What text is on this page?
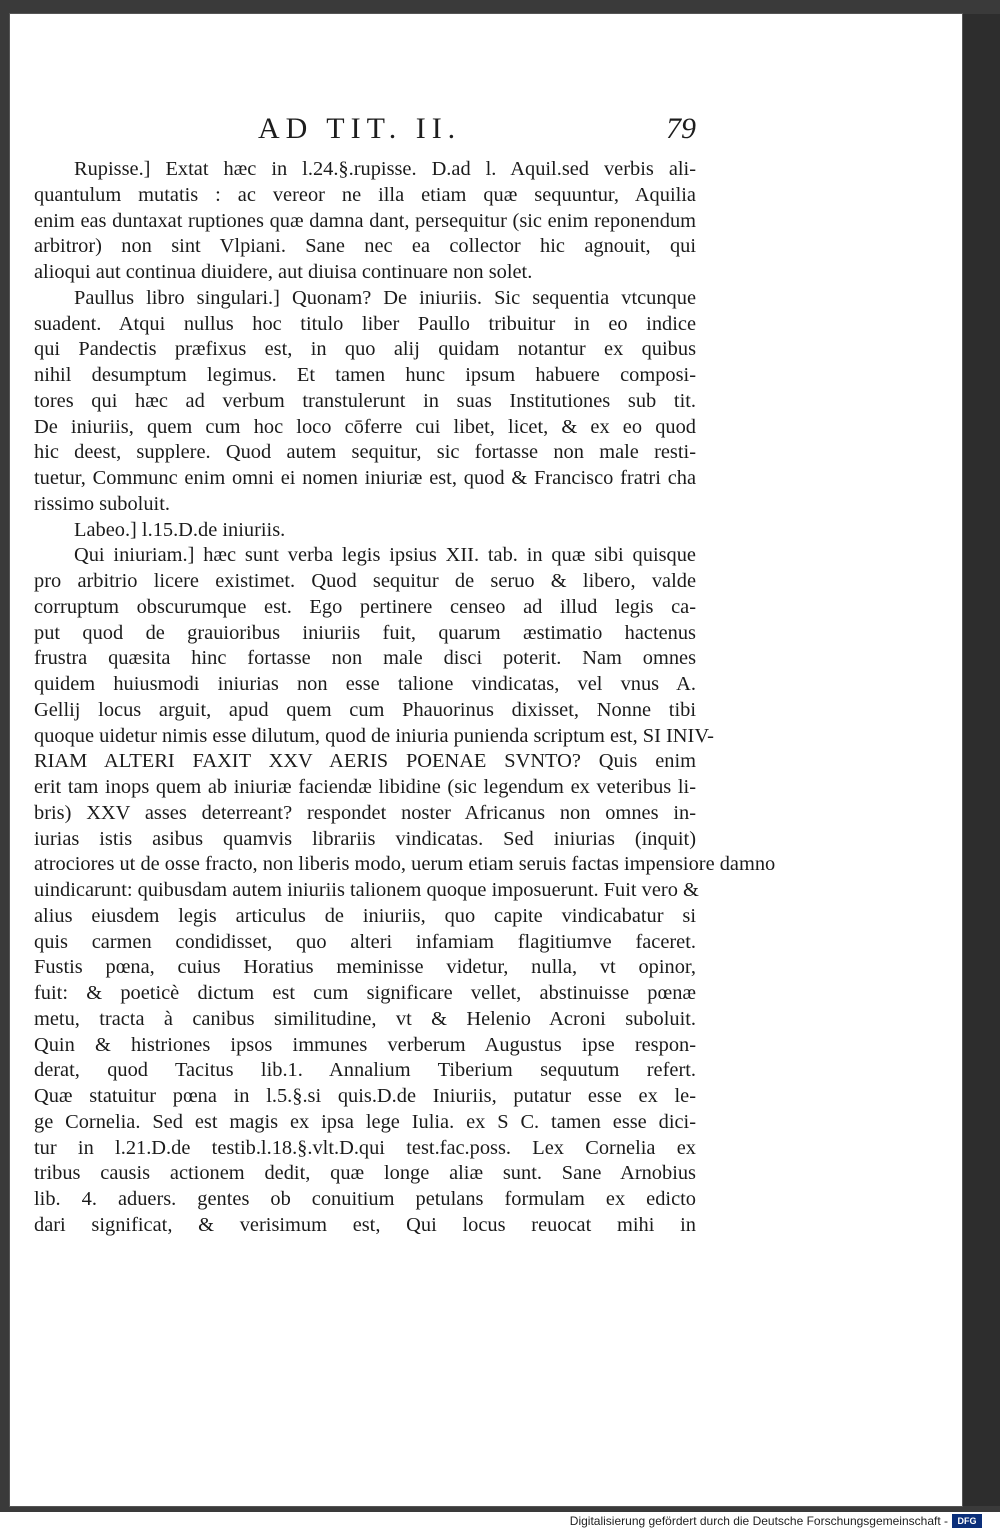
AD TIT. II.	79
Rupisse.] Extat hæc in l.24.§.rupisse. D.ad l. Aquil.sed verbis ali-
quantulum mutatis : ac vereor ne illa etiam quæ sequuntur, Aquilia
enim eas duntaxat ruptiones quæ damna dant, persequitur (sic enim reponendum
arbitror) non sint Vlpiani. Sane nec ea collector hic agnouit, qui
alioqui aut continua diuidere, aut diuisa continuare non solet.
Paullus libro singulari.] Quonam? De iniuriis. Sic sequentia vtcunque
suadent. Atqui nullus hoc titulo liber Paullo tribuitur in eo indice
qui Pandectis præfixus est, in quo alij quidam notantur ex quibus
nihil desumptum legimus. Et tamen hunc ipsum habuere composi-
tores qui hæc ad verbum transtulerunt in suas Institutiones sub tit.
De iniuriis, quem cum hoc loco cōferre cui libet, licet, & ex eo quod
hic deest, supplere. Quod autem sequitur, sic fortasse non male resti-
tuetur, Communc enim omni ei nomen iniuriæ est, quod & Francisco fratri cha
rissimo suboluit.
Labeo.] l.15.D.de iniuriis.
Qui iniuriam.] hæc sunt verba legis ipsius XII. tab. in quæ sibi quisque
pro arbitrio licere existimet. Quod sequitur de seruo & libero, valde
corruptum obscurumque est. Ego pertinere censeo ad illud legis ca-
put quod de grauioribus iniuriis fuit, quarum æstimatio hactenus
frustra quæsita hinc fortasse non male disci poterit. Nam omnes
quidem huiusmodi iniurias non esse talione vindicatas, vel vnus A.
Gellij locus arguit, apud quem cum Phauorinus dixisset, Nonne tibi
quoque uidetur nimis esse dilutum, quod de iniuria punienda scriptum est, SI INIV-
RIAM ALTERI FAXIT XXV AERIS POENAE SVNTO? Quis enim
erit tam inops quem ab iniuriæ faciendæ libidine (sic legendum ex veteribus li-
bris) XXV asses deterreant? respondet noster Africanus non omnes in-
iurias istis asibus quamvis librariis vindicatas. Sed iniurias (inquit)
atrociores ut de osse fracto, non liberis modo, uerum etiam seruis factas impensiore damno
uindicarunt: quibusdam autem iniuriis talionem quoque imposuerunt. Fuit vero &
alius eiusdem legis articulus de iniuriis, quo capite vindicabatur si
quis carmen condidisset, quo alteri infamiam flagitiumve faceret.
Fustis pœna, cuius Horatius meminisse videtur, nulla, vt opinor,
fuit: & poeticè dictum est cum significare vellet, abstinuisse pœnæ
metu, tracta à canibus similitudine, vt & Helenio Acroni suboluit.
Quin & histriones ipsos immunes verberum Augustus ipse respon-
derat, quod Tacitus lib.1. Annalium Tiberium sequutum refert.
Quæ statuitur pœna in l.5.§.si quis.D.de Iniuriis, putatur esse ex le-
ge Cornelia. Sed est magis ex ipsa lege Iulia. ex S C. tamen esse dici-
tur in l.21.D.de testib.l.18.§.vlt.D.qui test.fac.poss. Lex Cornelia ex
tribus causis actionem dedit, quæ longe aliæ sunt. Sane Arnobius
lib. 4. aduers. gentes ob conuitium petulans formulam ex edicto
dari significat, & verisimum est, Qui locus reuocat mihi in
Digitalisierung gefördert durch die Deutsche Forschungsgemeinschaft -	DFG
